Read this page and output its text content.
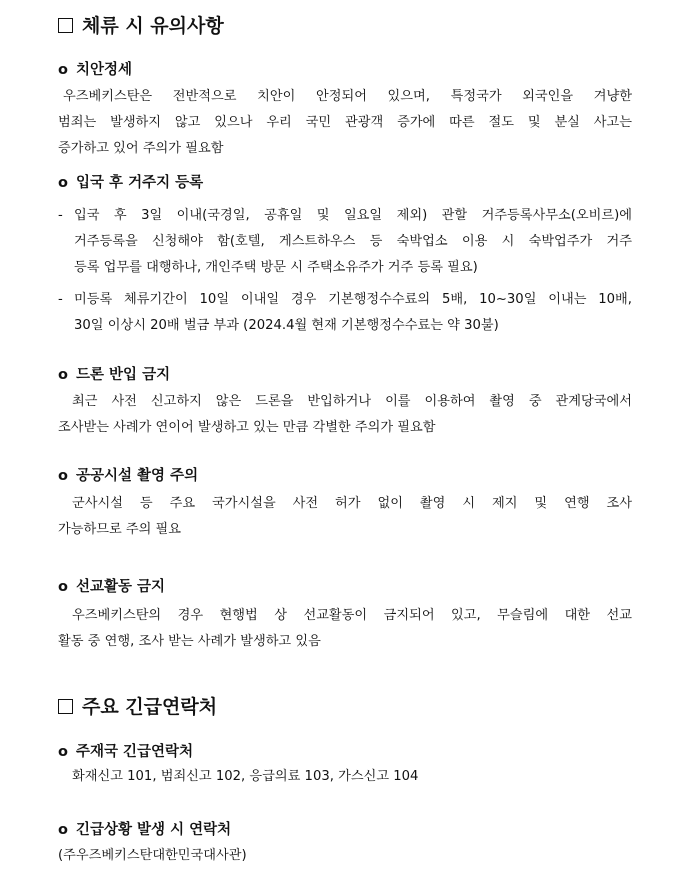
체류 시 유의사항
o 치안정세
우즈베키스탄은 전반적으로 치안이 안정되어 있으며, 특정국가 외국인을 겨냥한
범죄는 발생하지 않고 있으나 우리 국민 관광객 증가에 따른 절도 및 분실 사고는
증가하고 있어 주의가 필요함
o 입국 후 거주지 등록
- 입국 후 3일 이내(국경일, 공휴일 및 일요일 제외) 관할 거주등록사무소(오비르)에
거주등록을 신청해야 함(호텔, 게스트하우스 등 숙박업소 이용 시 숙박업주가 거주
등록 업무를 대행하나, 개인주택 방문 시 주택소유주가 거주 등록 필요)
- 미등록 체류기간이 10일 이내일 경우 기본행정수수료의 5배, 10~30일 이내는 10배,
30일 이상시 20배 벌금 부과 (2024.4월 현재 기본행정수수료는 약 30불)
o 드론 반입 금지
최근 사전 신고하지 않은 드론을 반입하거나 이를 이용하여 촬영 중 관계당국에서
조사받는 사례가 연이어 발생하고 있는 만큼 각별한 주의가 필요함
o 공공시설 촬영 주의
군사시설 등 주요 국가시설을 사전 허가 없이 촬영 시 제지 및 연행 조사
가능하므로 주의 필요
o 선교활동 금지
우즈베키스탄의 경우 현행법 상 선교활동이 금지되어 있고, 무슬림에 대한 선교
활동 중 연행, 조사 받는 사례가 발생하고 있음
주요 긴급연락처
o 주재국 긴급연락처
화재신고 101, 범죄신고 102, 응급의료 103, 가스신고 104
o 긴급상황 발생 시 연락처
(주우즈베키스탄대한민국대사관)
